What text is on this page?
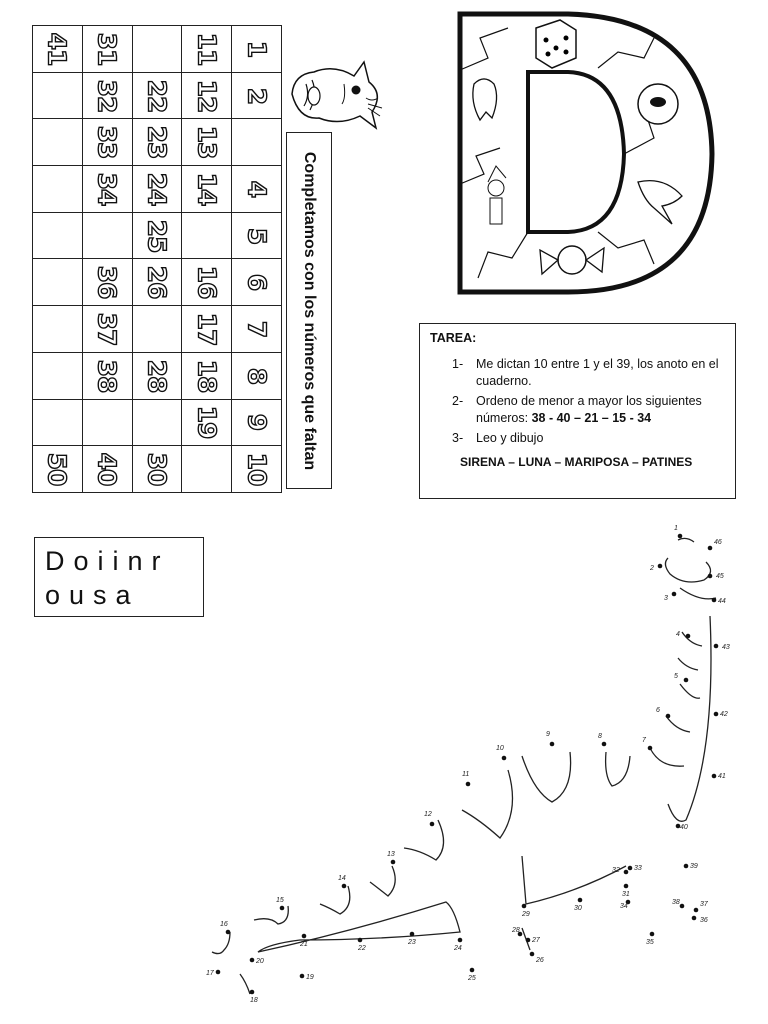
41	31		11	1

	32	22	12	2

	33	23	13	

	34	24	14	4

		25		5

	36	26	16	6

	37		17	7

	38	28	18	8

			19	9

50	40	30		10 Completamos con los números que faltan	TAREA:
1- Me dictan 10 entre 1 y el 39, los anoto en el cuaderno.
2- Ordeno de menor a mayor los siguientes números: 38 - 40 – 21 – 15 - 34
3- Leo y dibujo
SIRENA – LUNA – MARIPOSA – PATINES
Doiinr
ousa
1
2
3
4
5
6
7
8
9
10
11
12
13
14
15
16
17
18
19
20
21
22
23
24
25
26
27
28
29
30
31
32 33
34
35
36
37
38
39
40
41
42
43
44
45
46
